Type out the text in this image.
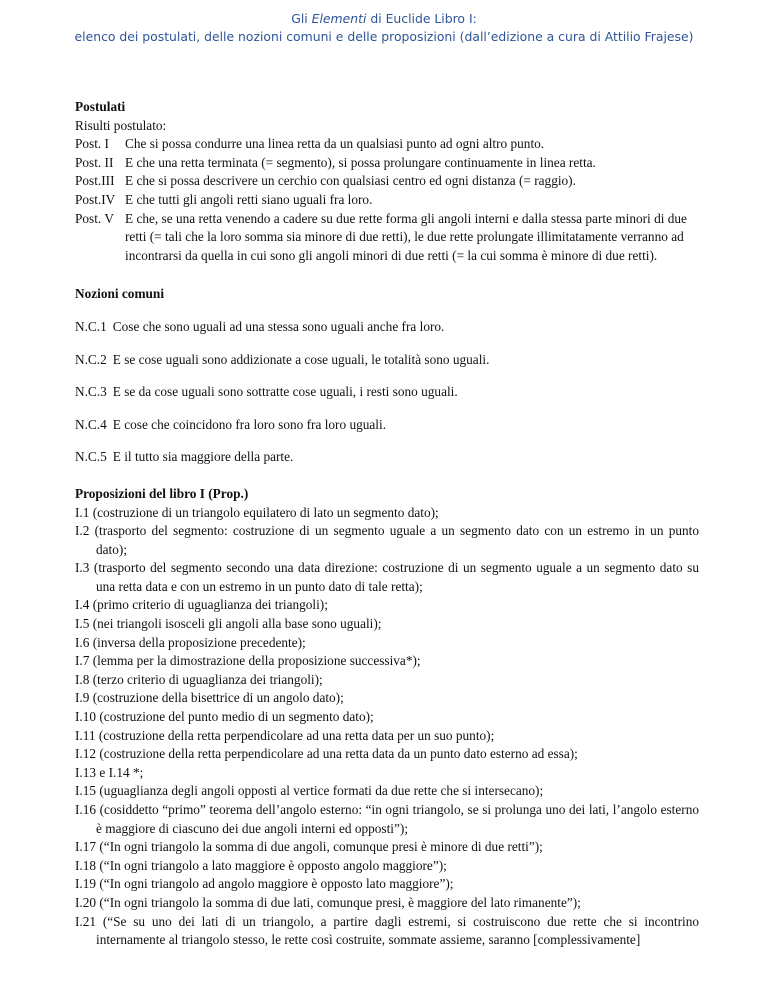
Gli Elementi di Euclide Libro I:
elenco dei postulati, delle nozioni comuni e delle proposizioni (dall’edizione a cura di Attilio Frajese)
Postulati
Risulti postulato:
Post. I	Che si possa condurre una linea retta da un qualsiasi punto ad ogni altro punto.
Post. II E che una retta terminata (= segmento), si possa prolungare continuamente in linea retta.
Post.III E che si possa descrivere un cerchio con qualsiasi centro ed ogni distanza (= raggio).
Post.IV E che tutti gli angoli retti siano uguali fra loro.
Post. V E che, se una retta venendo a cadere su due rette forma gli angoli interni e dalla stessa parte minori di due retti (= tali che la loro somma sia minore di due retti), le due rette prolungate illimitatamente verranno ad incontrarsi da quella in cui sono gli angoli minori di due retti (= la cui somma è minore di due retti).
Nozioni comuni
N.C.1 Cose che sono uguali ad una stessa sono uguali anche fra loro.
N.C.2 E se cose uguali sono addizionate a cose uguali, le totalità sono uguali.
N.C.3 E se da cose uguali sono sottratte cose uguali, i resti sono uguali.
N.C.4 E cose che coincidono fra loro sono fra loro uguali.
N.C.5 E il tutto sia maggiore della parte.
Proposizioni del libro I (Prop.)
I.1 (costruzione di un triangolo equilatero di lato un segmento dato);
I.2 (trasporto del segmento: costruzione di un segmento uguale a un segmento dato con un estremo in un punto dato);
I.3 (trasporto del segmento secondo una data direzione: costruzione di un segmento uguale a un segmento dato su una retta data e con un estremo in un punto dato di tale retta);
I.4 (primo criterio di uguaglianza dei triangoli);
I.5 (nei triangoli isosceli gli angoli alla base sono uguali);
I.6 (inversa della proposizione precedente);
I.7 (lemma per la dimostrazione della proposizione successiva*);
I.8 (terzo criterio di uguaglianza dei triangoli);
I.9 (costruzione della bisettrice di un angolo dato);
I.10 (costruzione del punto medio di un segmento dato);
I.11 (costruzione della retta perpendicolare ad una retta data per un suo punto);
I.12 (costruzione della retta perpendicolare ad una retta data da un punto dato esterno ad essa);
I.13 e I.14 *;
I.15 (uguaglianza degli angoli opposti al vertice formati da due rette che si intersecano);
I.16 (cosiddetto “primo” teorema dell’angolo esterno: “in ogni triangolo, se si prolunga uno dei lati, l’angolo esterno è maggiore di ciascuno dei due angoli interni ed opposti”);
I.17 (“In ogni triangolo la somma di due angoli, comunque presi è minore di due retti”);
I.18 (“In ogni triangolo a lato maggiore è opposto angolo maggiore”);
I.19 (“In ogni triangolo ad angolo maggiore è opposto lato maggiore”);
I.20 (“In ogni triangolo la somma di due lati, comunque presi, è maggiore del lato rimanente”);
I.21 (“Se su uno dei lati di un triangolo, a partire dagli estremi, si costruiscono due rette che si incontrino internamente al triangolo stesso, le rette così costruite, sommate assieme, saranno [complessivamente]
